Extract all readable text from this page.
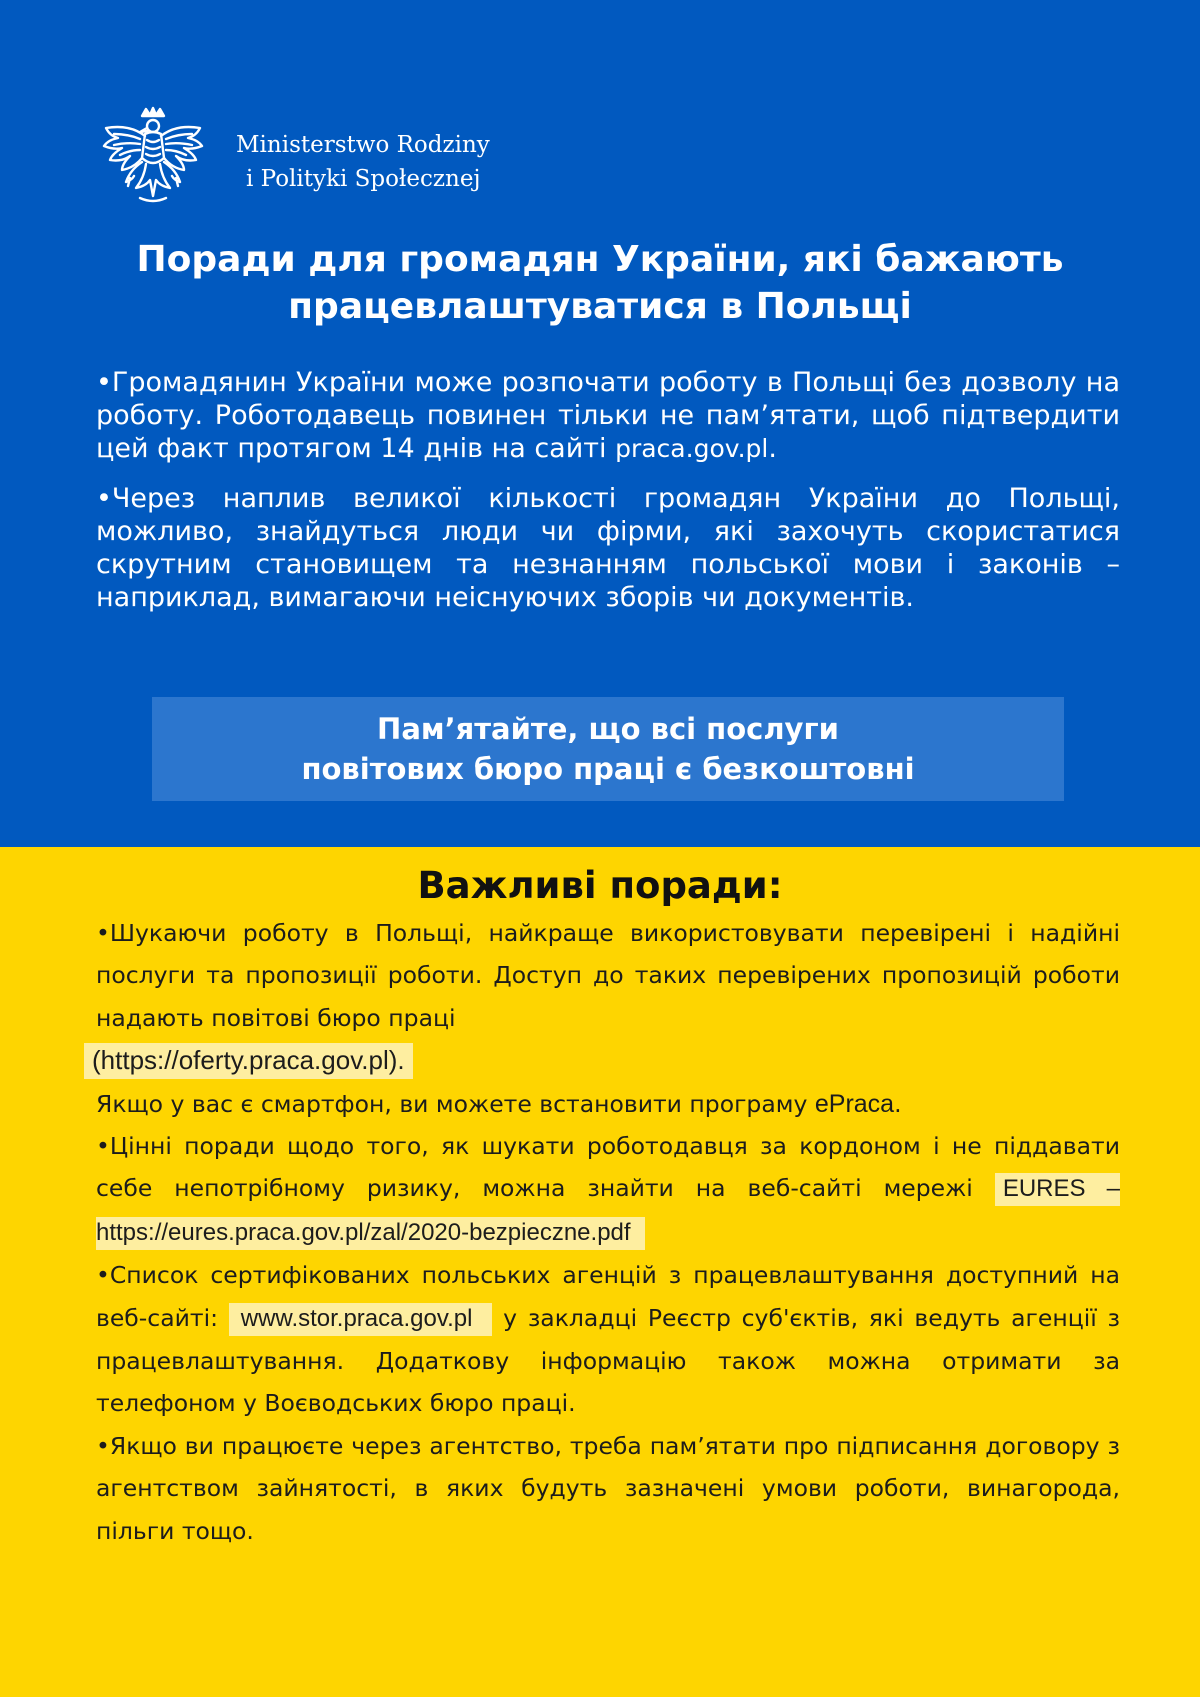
Ministerstwo Rodziny
i Polityki Społecznej
Поради для громадян України, які бажають
працевлаштуватися в Польщі

•Громадянин України може розпочати роботу в Польщі без дозволу на роботу. Роботодавець повинен тільки не пам’ятати, щоб підтвердити цей факт протягом 14 днів на сайті praca.gov.pl.

•Через наплив великої кількості громадян України до Польщі, можливо, знайдуться люди чи фірми, які захочуть скористатися скрутним становищем та незнанням польської мови і законів – наприклад, вимагаючи неіснуючих зборів чи документів.

Пам’ятайте, що всі послуги
повітових бюро праці є безкоштовні
Важливі поради:

•Шукаючи роботу в Польщі, найкраще використовувати перевірені і надійні послуги та пропозиції роботи. Доступ до таких перевірених пропозицій роботи надають повітові бюро праці

(https://oferty.praca.gov.pl).

Якщо у вас є смартфон, ви можете встановити програму ePraca.

•Цінні поради щодо того, як шукати роботодавця за кордоном і не піддавати себе непотрібному ризику, можна знайти на веб-сайті мережі EURES – https://eures.praca.gov.pl/zal/2020-bezpieczne.pdf

•Список сертифікованих польських агенцій з працевлаштування доступний на веб-сайті: www.stor.praca.gov.pl у закладці Реєстр суб'єктів, які ведуть агенції з працевлаштування. Додаткову інформацію також можна отримати за телефоном у Воєводських бюро праці.

•Якщо ви працюєте через агентство, треба пам’ятати про підписання договору з агентством зайнятості, в яких будуть зазначені умови роботи, винагорода, пільги тощо.
